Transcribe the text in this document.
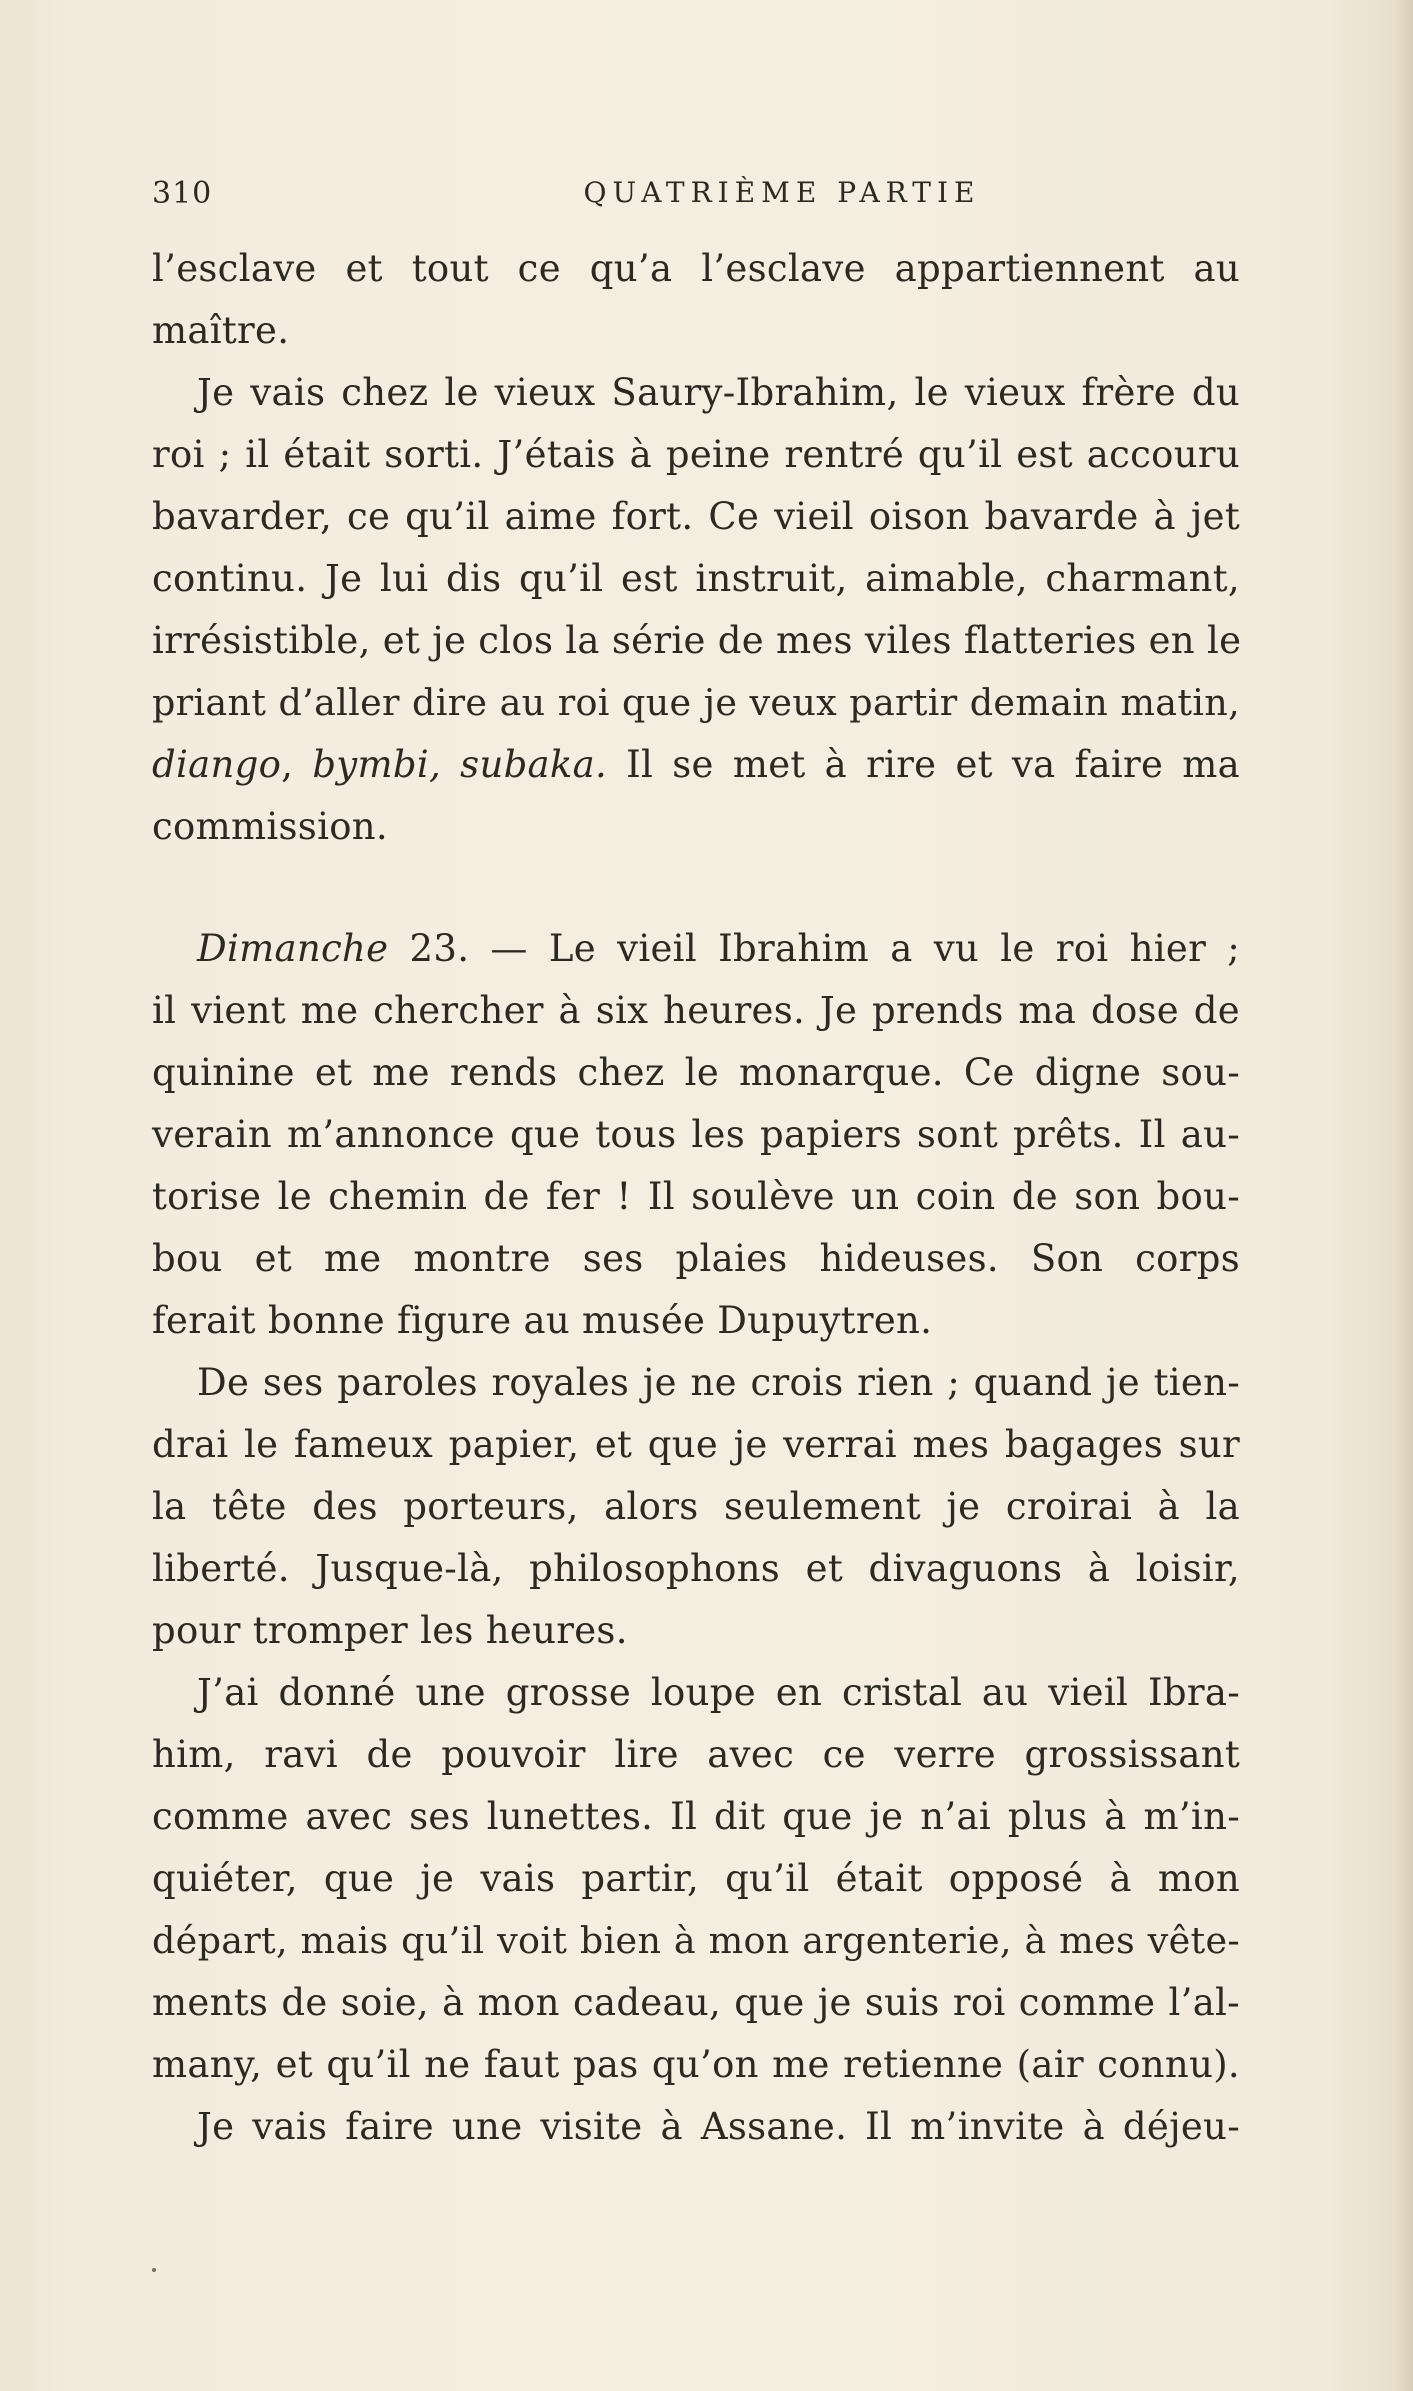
310	QUATRIÈME PARTIE
l’esclave et tout ce qu’a l’esclave appartiennent au
maître.
Je vais chez le vieux Saury-Ibrahim, le vieux frère du
roi ; il était sorti. J’étais à peine rentré qu’il est accouru
bavarder, ce qu’il aime fort. Ce vieil oison bavarde à jet
continu. Je lui dis qu’il est instruit, aimable, charmant,
irrésistible, et je clos la série de mes viles flatteries en le
priant d’aller dire au roi que je veux partir demain matin,
diango, bymbi, subaka. Il se met à rire et va faire ma
commission.
Dimanche 23. — Le vieil Ibrahim a vu le roi hier ;
il vient me chercher à six heures. Je prends ma dose de
quinine et me rends chez le monarque. Ce digne sou-
verain m’annonce que tous les papiers sont prêts. Il au-
torise le chemin de fer ! Il soulève un coin de son bou-
bou et me montre ses plaies hideuses. Son corps
ferait bonne figure au musée Dupuytren.
De ses paroles royales je ne crois rien ; quand je tien-
drai le fameux papier, et que je verrai mes bagages sur
la tête des porteurs, alors seulement je croirai à la
liberté. Jusque-là, philosophons et divaguons à loisir,
pour tromper les heures.
J’ai donné une grosse loupe en cristal au vieil Ibra-
him, ravi de pouvoir lire avec ce verre grossissant
comme avec ses lunettes. Il dit que je n’ai plus à m’in-
quiéter, que je vais partir, qu’il était opposé à mon
départ, mais qu’il voit bien à mon argenterie, à mes vête-
ments de soie, à mon cadeau, que je suis roi comme l’al-
many, et qu’il ne faut pas qu’on me retienne (air connu).
Je vais faire une visite à Assane. Il m’invite à déjeu-
